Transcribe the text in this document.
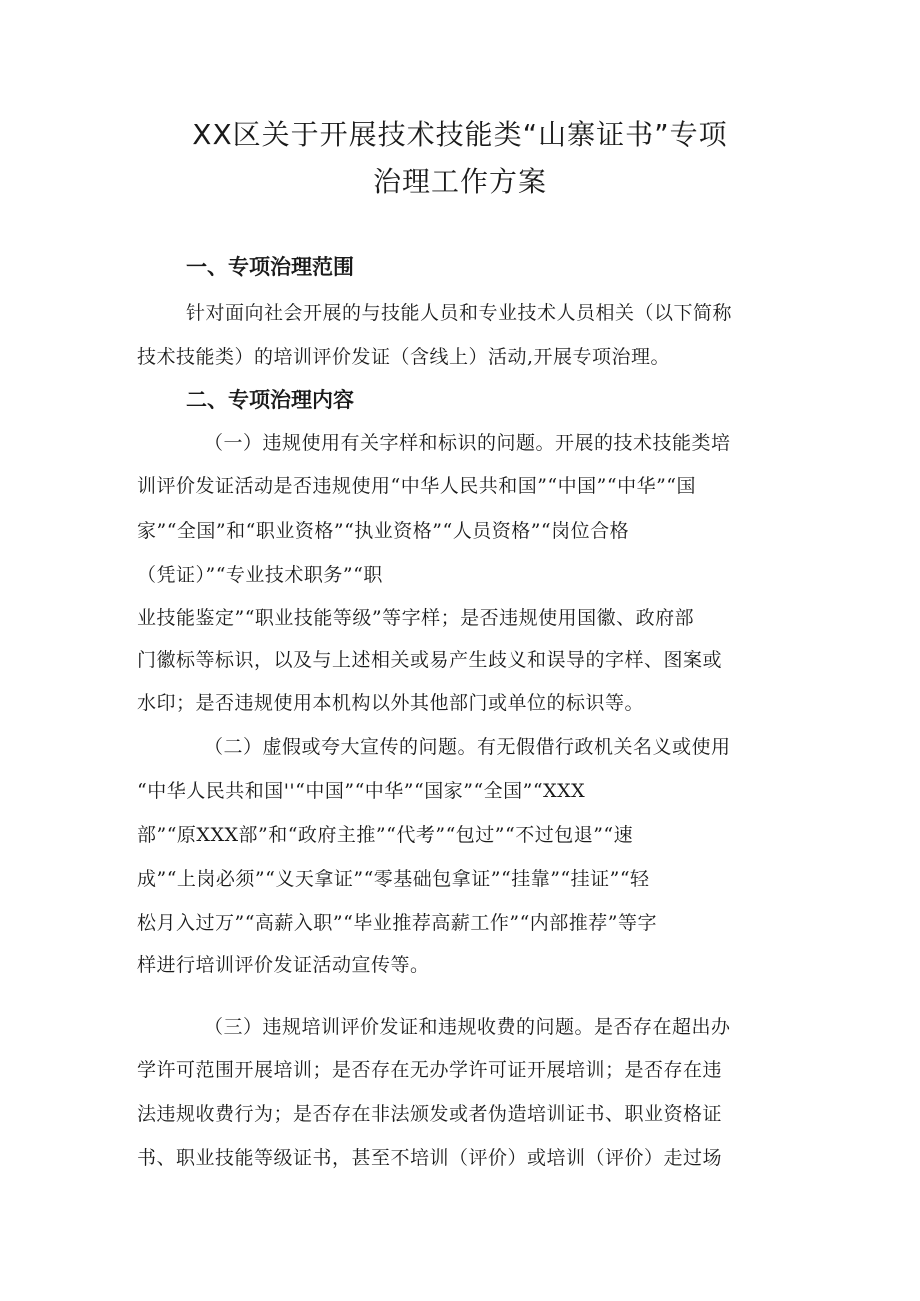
XX区关于开展技术技能类“山寨证书”专项
治理工作方案
一、专项治理范围
针对面向社会开展的与技能人员和专业技术人员相关（以下简称
技术技能类）的培训评价发证（含线上）活动,开展专项治理。
二、专项治理内容
（一）违规使用有关字样和标识的问题。开展的技术技能类培
训评价发证活动是否违规使用“中华人民共和国”“中国”“中华”“国
家”“全国”和“职业资格”“执业资格”“人员资格”“岗位合格
（凭证）”“专业技术职务”“职
业技能鉴定”“职业技能等级”等字样；是否违规使用国徽、政府部
门徽标等标识，以及与上述相关或易产生歧义和误导的字样、图案或
水印；是否违规使用本机构以外其他部门或单位的标识等。
（二）虚假或夸大宣传的问题。有无假借行政机关名义或使用
“中华人民共和国''“中国”“中华”“国家”“全国”“XXX
部”“原XXX部”和“政府主推”“代考”“包过”“不过包退”“速
成”“上岗必须”“义天拿证”“零基础包拿证”“挂靠”“挂证”“轻
松月入过万”“高薪入职”“毕业推荐高薪工作”“内部推荐”等字
样进行培训评价发证活动宣传等。
（三）违规培训评价发证和违规收费的问题。是否存在超出办
学许可范围开展培训；是否存在无办学许可证开展培训；是否存在违
法违规收费行为；是否存在非法颁发或者伪造培训证书、职业资格证
书、职业技能等级证书，甚至不培训（评价）或培训（评价）走过场
